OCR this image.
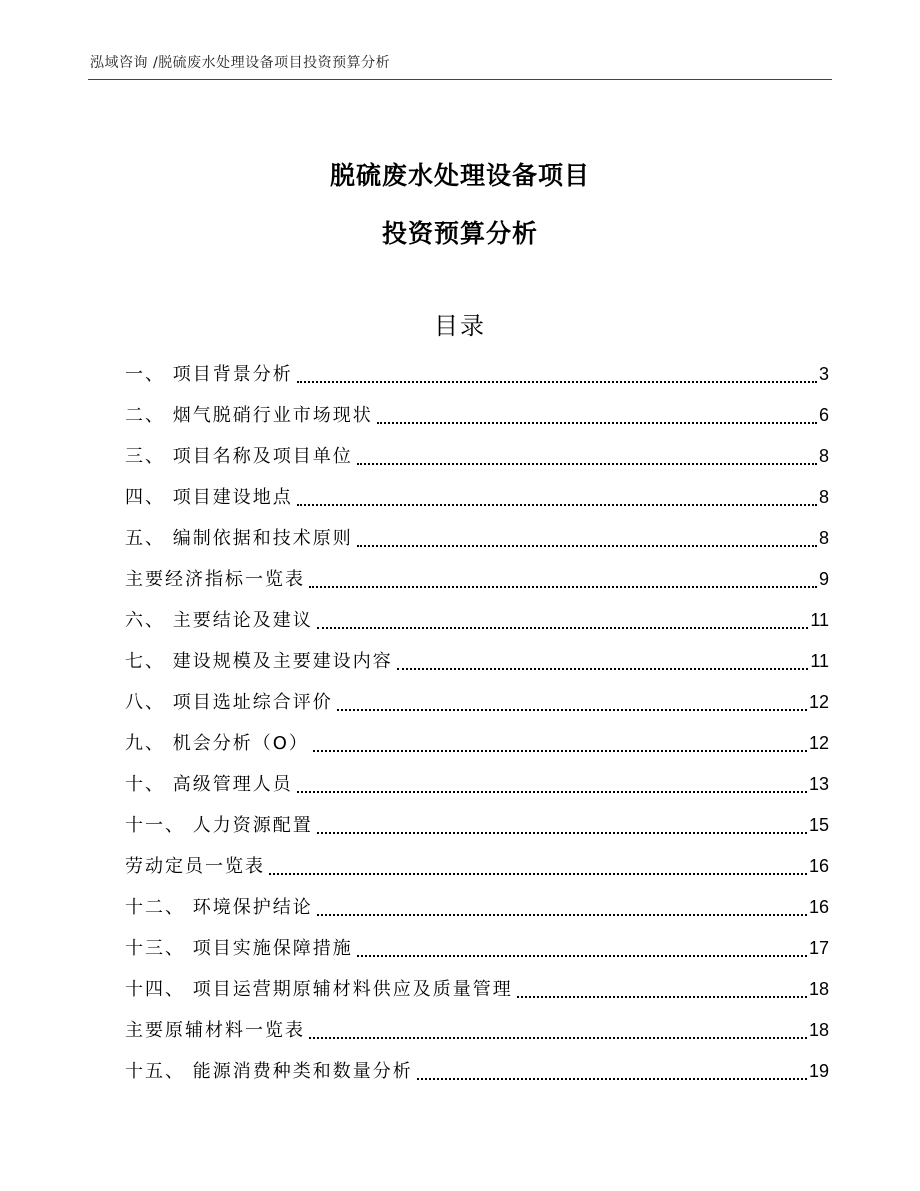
泓域咨询 /脱硫废水处理设备项目投资预算分析
脱硫废水处理设备项目
投资预算分析
目录
一、 项目背景分析	3
二、 烟气脱硝行业市场现状	6
三、 项目名称及项目单位	8
四、 项目建设地点	8
五、 编制依据和技术原则	8
主要经济指标一览表	9
六、 主要结论及建议	11
七、 建设规模及主要建设内容	11
八、 项目选址综合评价	12
九、 机会分析（O）	12
十、 高级管理人员	13
十一、 人力资源配置	15
劳动定员一览表	16
十二、 环境保护结论	16
十三、 项目实施保障措施	17
十四、 项目运营期原辅材料供应及质量管理	18
主要原辅材料一览表	18
十五、 能源消费种类和数量分析	19
